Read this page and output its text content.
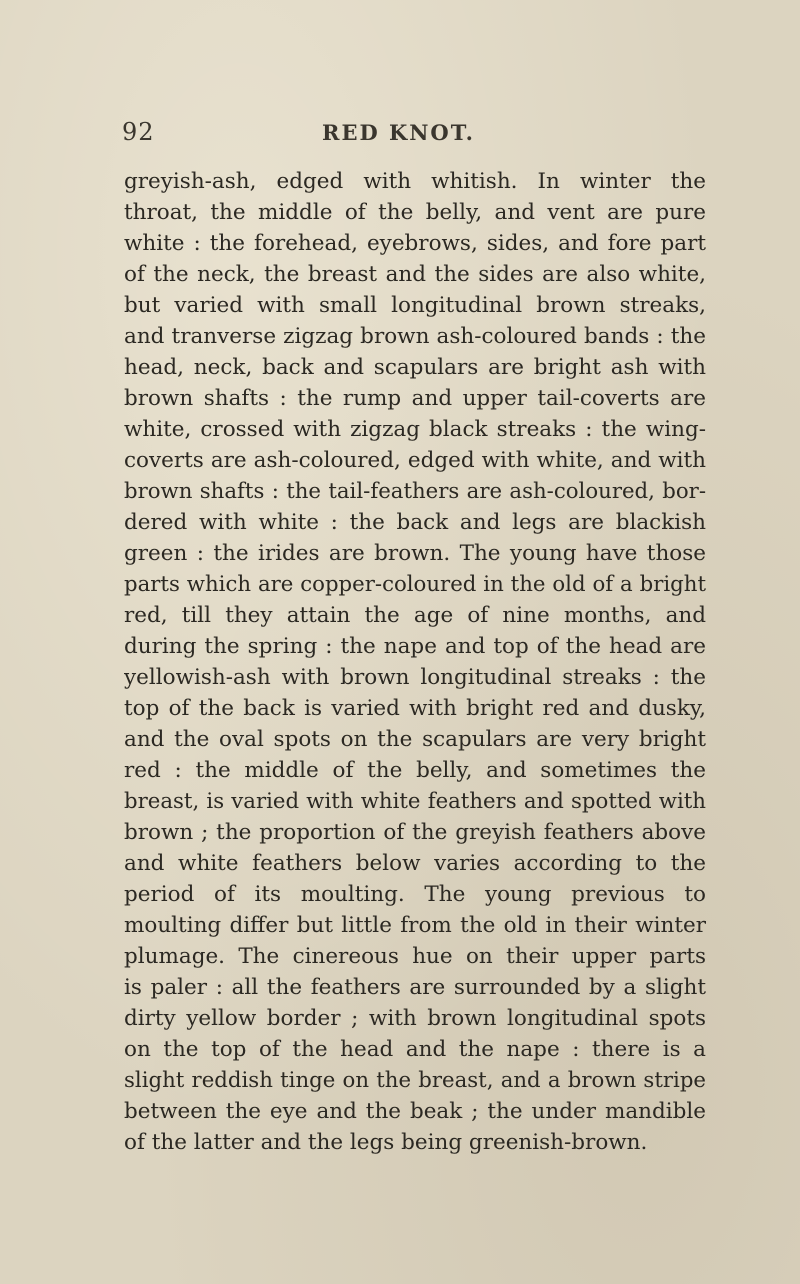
92	RED KNOT.
greyish-ash, edged with whitish. In winter the
throat, the middle of the belly, and vent are pure
white : the forehead, eyebrows, sides, and fore part
of the neck, the breast and the sides are also white,
but varied with small longitudinal brown streaks,
and tranverse zigzag brown ash-coloured bands : the
head, neck, back and scapulars are bright ash with
brown shafts : the rump and upper tail-coverts are
white, crossed with zigzag black streaks : the wing-
coverts are ash-coloured, edged with white, and with
brown shafts : the tail-feathers are ash-coloured, bor-
dered with white : the back and legs are blackish
green : the irides are brown. The young have those
parts which are copper-coloured in the old of a bright
red, till they attain the age of nine months, and
during the spring : the nape and top of the head are
yellowish-ash with brown longitudinal streaks : the
top of the back is varied with bright red and dusky,
and the oval spots on the scapulars are very bright
red : the middle of the belly, and sometimes the
breast, is varied with white feathers and spotted with
brown ; the proportion of the greyish feathers above
and white feathers below varies according to the
period of its moulting. The young previous to
moulting differ but little from the old in their winter
plumage. The cinereous hue on their upper parts
is paler : all the feathers are surrounded by a slight
dirty yellow border ; with brown longitudinal spots
on the top of the head and the nape : there is a
slight reddish tinge on the breast, and a brown stripe
between the eye and the beak ; the under mandible
of the latter and the legs being greenish-brown.
